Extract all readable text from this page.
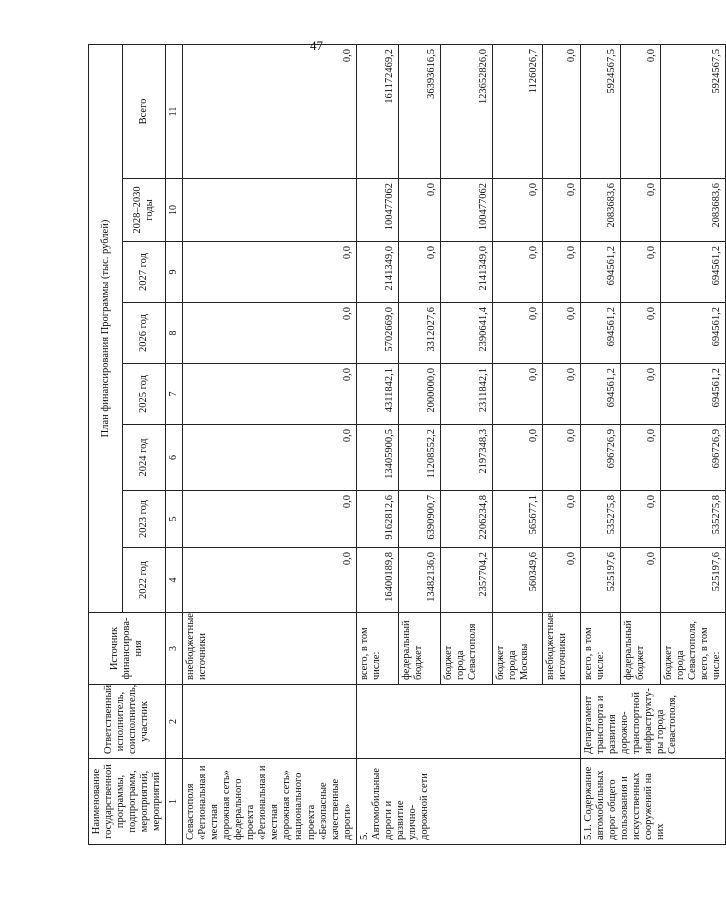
47
Наименование государственной программы, подпрограмм, мероприятий, мероприятий	Ответственный исполнитель, соисполнитель, участник	Источник финансирова-ния	План финансирования Программы (тыс. рублей)							
			2022 год	2023 год	2024 год	2025 год	2026 год	2027 год	2028–2030 годы	Всего
1	2	3	4	5	6	7	8	9	10	11
Севастополя «Региональная и местная дорожная сеть» федерального проекта «Региональная и местная дорожная сеть» национального проекта «Безопасные качественные дороги»		внебюджетные источники	0,0	0,0	0,0	0,0	0,0	0,0		0,0
5. Автомобильные дороги и развитие улично-дорожной сети		всего, в том числе:	16400189,8	9162812,6	13405900,5	4311842,1	5702669,0	2141349,0	100477062	161172469,2
		федеральный бюджет	13482136,0	6390900,7	11208552,2	2000000,0	3312027,6	0,0	0,0	36393616,5
		бюджет города Севастополя	2357704,2	2206234,8	2197348,3	2311842,1	2390641,4	2141349,0	100477062	123652826,0
		бюджет города Москвы	560349,6	565677,1	0,0	0,0	0,0	0,0	0,0	1126026,7
		внебюджетные источники	0,0	0,0	0,0	0,0	0,0	0,0	0,0	0,0
5.1. Содержание автомобильных дорог общего пользования и искусственных сооружений на них	Департамент транспорта и развития дорожно-транспортной инфраструкту-ры города Севастополя,	всего, в том числе:	525197,6	535275,8	696726,9	694561,2	694561,2	694561,2	2083683,6	5924567,5
		федеральный бюджет	0,0	0,0	0,0	0,0	0,0	0,0	0,0	0,0
		бюджет города Севастополя, всего, в том числе:	525197,6	535275,8	696726,9	694561,2	694561,2	694561,2	2083683,6	5924567,5
